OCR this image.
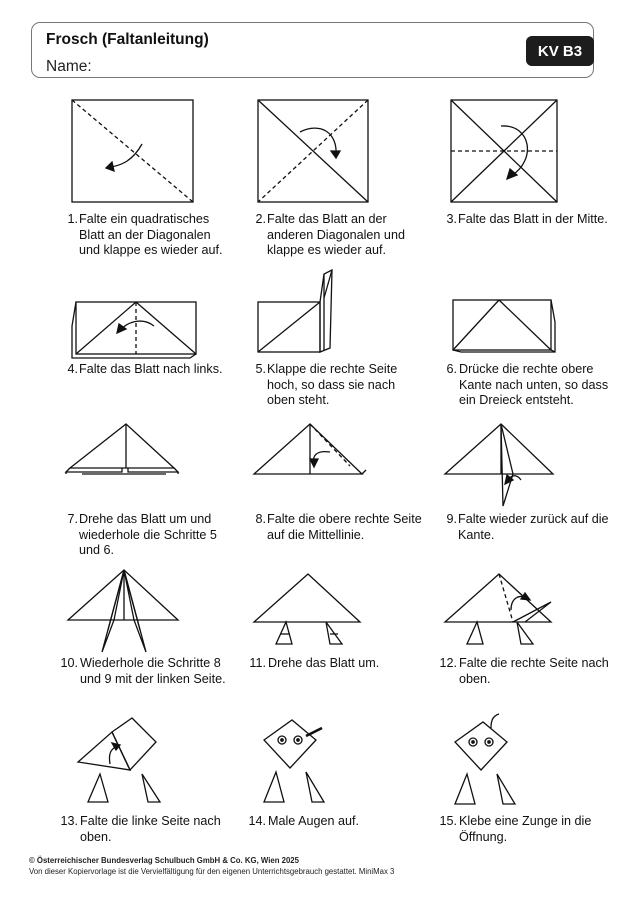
Frosch (Faltanleitung)
Name:
KV B3
1. Falte ein quadratisches Blatt an der Diagonalen und klappe es wieder auf.
2. Falte das Blatt an der anderen Diagonalen und klappe es wieder auf.
3. Falte das Blatt in der Mitte.
4. Falte das Blatt nach links.	5. Klappe die rechte Seite hoch, so dass sie nach oben steht.
6. Drücke die rechte obere Kante nach unten, so dass ein Dreieck entsteht.
7. Drehe das Blatt um und wiederhole die Schritte 5 und 6.
8. Falte die obere rechte Seite auf die Mittellinie.
9. Falte wieder zurück auf die Kante.
10. Wiederhole die Schritte 8 und 9 mit der linken Seite.
11. Drehe das Blatt um.	12. Falte die rechte Seite nach oben.
13. Falte die linke Seite nach oben.
14. Male Augen auf.	15. Klebe eine Zunge in die Öffnung.
© Österreichischer Bundesverlag Schulbuch GmbH & Co. KG, Wien 2025
Von dieser Kopiervorlage ist die Vervielfältigung für den eigenen Unterrichtsgebrauch gestattet. MiniMax 3
